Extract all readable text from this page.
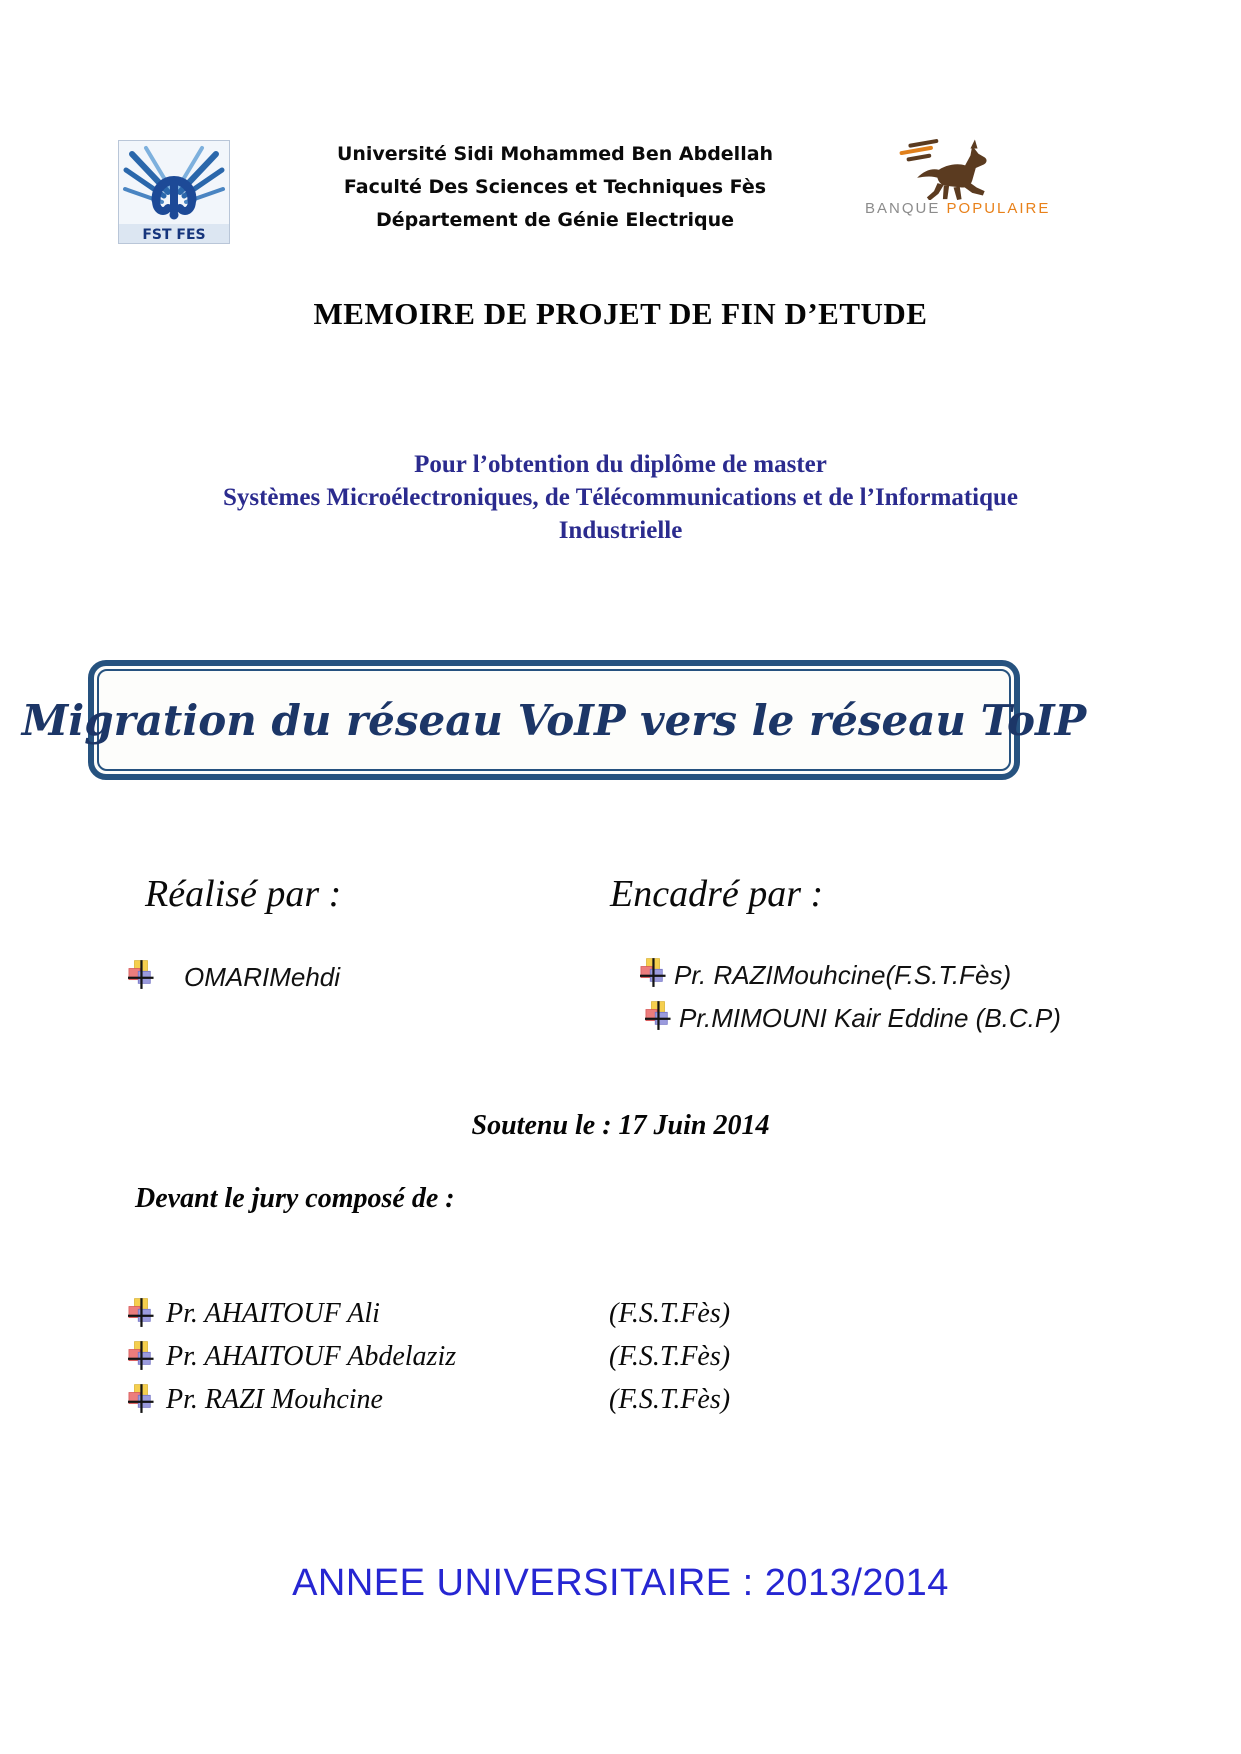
FST FES
Université Sidi Mohammed Ben Abdellah
Faculté Des Sciences et Techniques Fès
Département de Génie Electrique
BANQUE POPULAIRE
MEMOIRE DE PROJET DE FIN D’ETUDE
Pour l’obtention du diplôme de master
Systèmes Microélectroniques, de Télécommunications et de l’Informatique
Industrielle
Migration du réseau VoIP vers le réseau ToIP
Réalisé par :	Encadré par :
OMARIMehdi	Pr. RAZIMouhcine(F.S.T.Fès)
Pr.MIMOUNI Kair Eddine (B.C.P)
Soutenu le : 17 Juin 2014
Devant le jury composé de :
Pr. AHAITOUF Ali	(F.S.T.Fès)
Pr. AHAITOUF Abdelaziz	(F.S.T.Fès)
Pr. RAZI Mouhcine	(F.S.T.Fès)
ANNEE UNIVERSITAIRE : 2013/2014
